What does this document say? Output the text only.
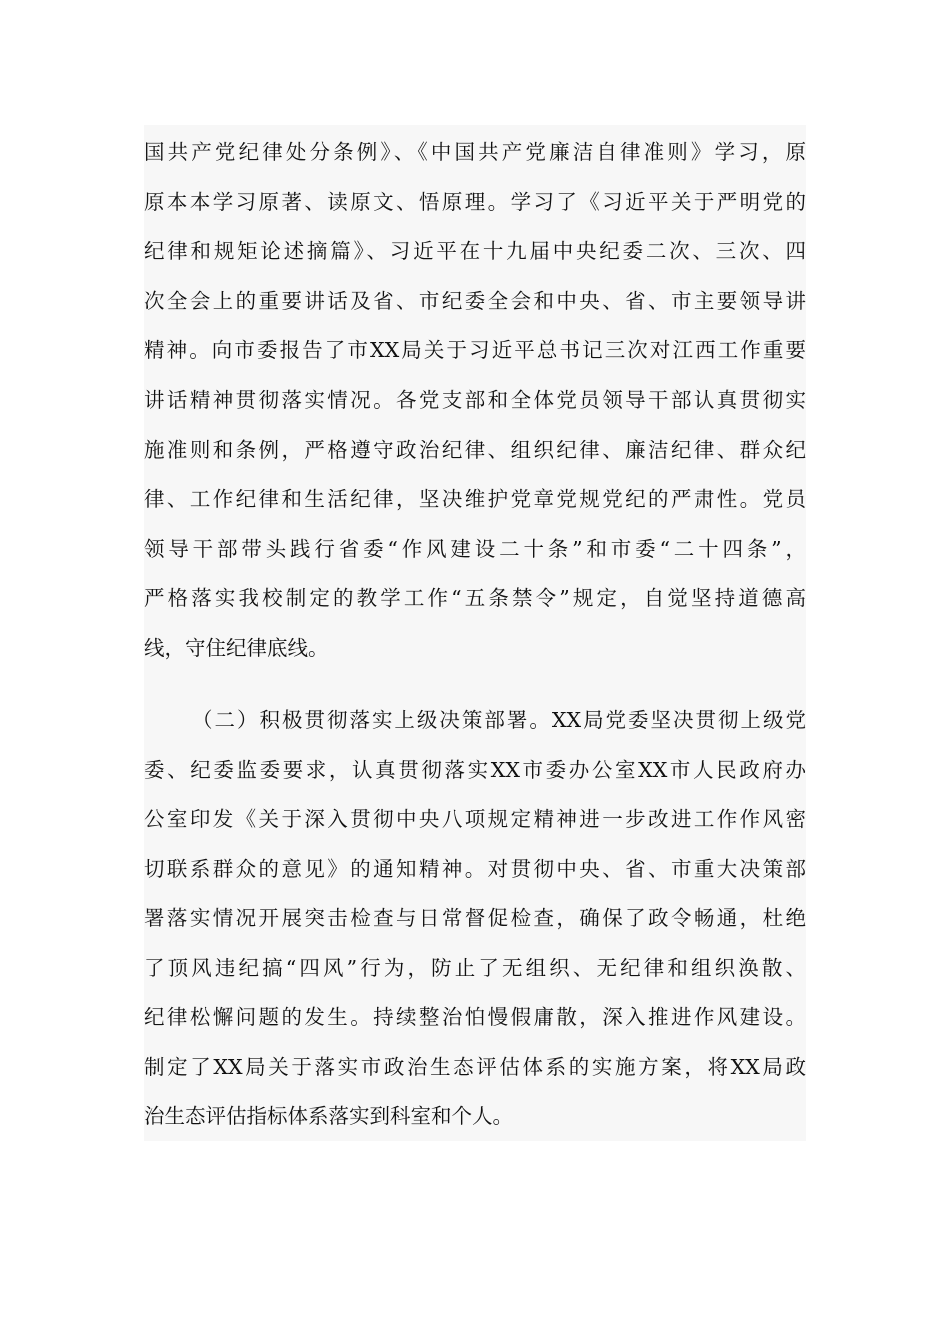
国共产党纪律处分条例》、《中国共产党廉洁自律准则》学习，原
原本本学习原著、读原文、悟原理。学习了《习近平关于严明党的
纪律和规矩论述摘篇》、习近平在十九届中央纪委二次、三次、四
次全会上的重要讲话及省、市纪委全会和中央、省、市主要领导讲
精神。向市委报告了市XX局关于习近平总书记三次对江西工作重要
讲话精神贯彻落实情况。各党支部和全体党员领导干部认真贯彻实
施准则和条例，严格遵守政治纪律、组织纪律、廉洁纪律、群众纪
律、工作纪律和生活纪律，坚决维护党章党规党纪的严肃性。党员
领导干部带头践行省委“作风建设二十条”和市委“二十四条”，
严格落实我校制定的教学工作“五条禁令”规定，自觉坚持道德高
线，守住纪律底线。
（二）积极贯彻落实上级决策部署。XX局党委坚决贯彻上级党
委、纪委监委要求，认真贯彻落实XX市委办公室XX市人民政府办
公室印发《关于深入贯彻中央八项规定精神进一步改进工作作风密
切联系群众的意见》的通知精神。对贯彻中央、省、市重大决策部
署落实情况开展突击检查与日常督促检查，确保了政令畅通，杜绝
了顶风违纪搞“四风”行为，防止了无组织、无纪律和组织涣散、
纪律松懈问题的发生。持续整治怕慢假庸散，深入推进作风建设。
制定了XX局关于落实市政治生态评估体系的实施方案，将XX局政
治生态评估指标体系落实到科室和个人。
